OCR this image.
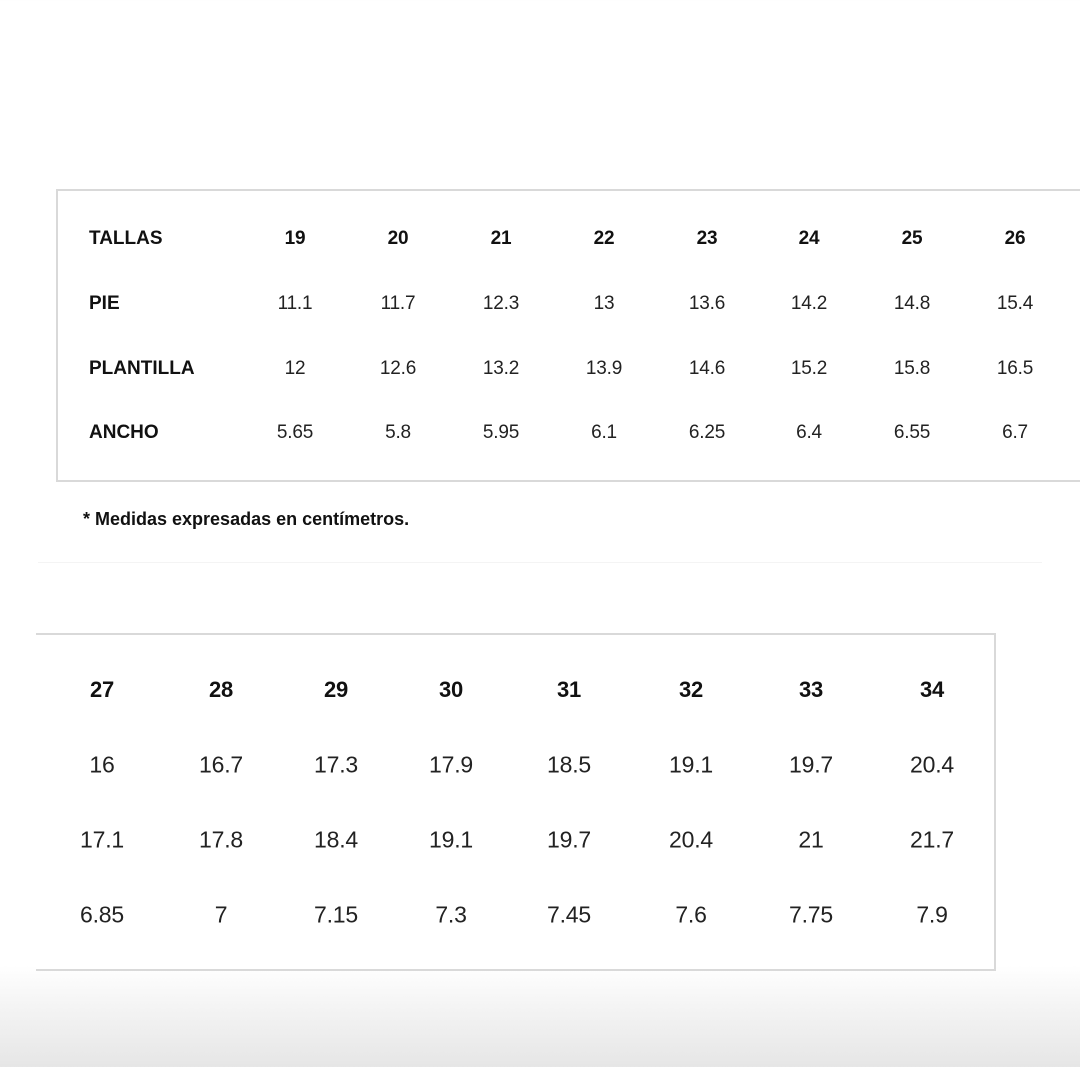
TALLAS	19	20	21	22	23	24	25	26
PIE	11.1	11.7	12.3	13	13.6	14.2	14.8	15.4
PLANTILLA	12	12.6	13.2	13.9	14.6	15.2	15.8	16.5
ANCHO	5.65	5.8	5.95	6.1	6.25	6.4	6.55	6.7
* Medidas expresadas en centímetros.
27	28	29	30	31	32	33	34
16	16.7	17.3	17.9	18.5	19.1	19.7	20.4
17.1	17.8	18.4	19.1	19.7	20.4	21	21.7
6.85	7	7.15	7.3	7.45	7.6	7.75	7.9
